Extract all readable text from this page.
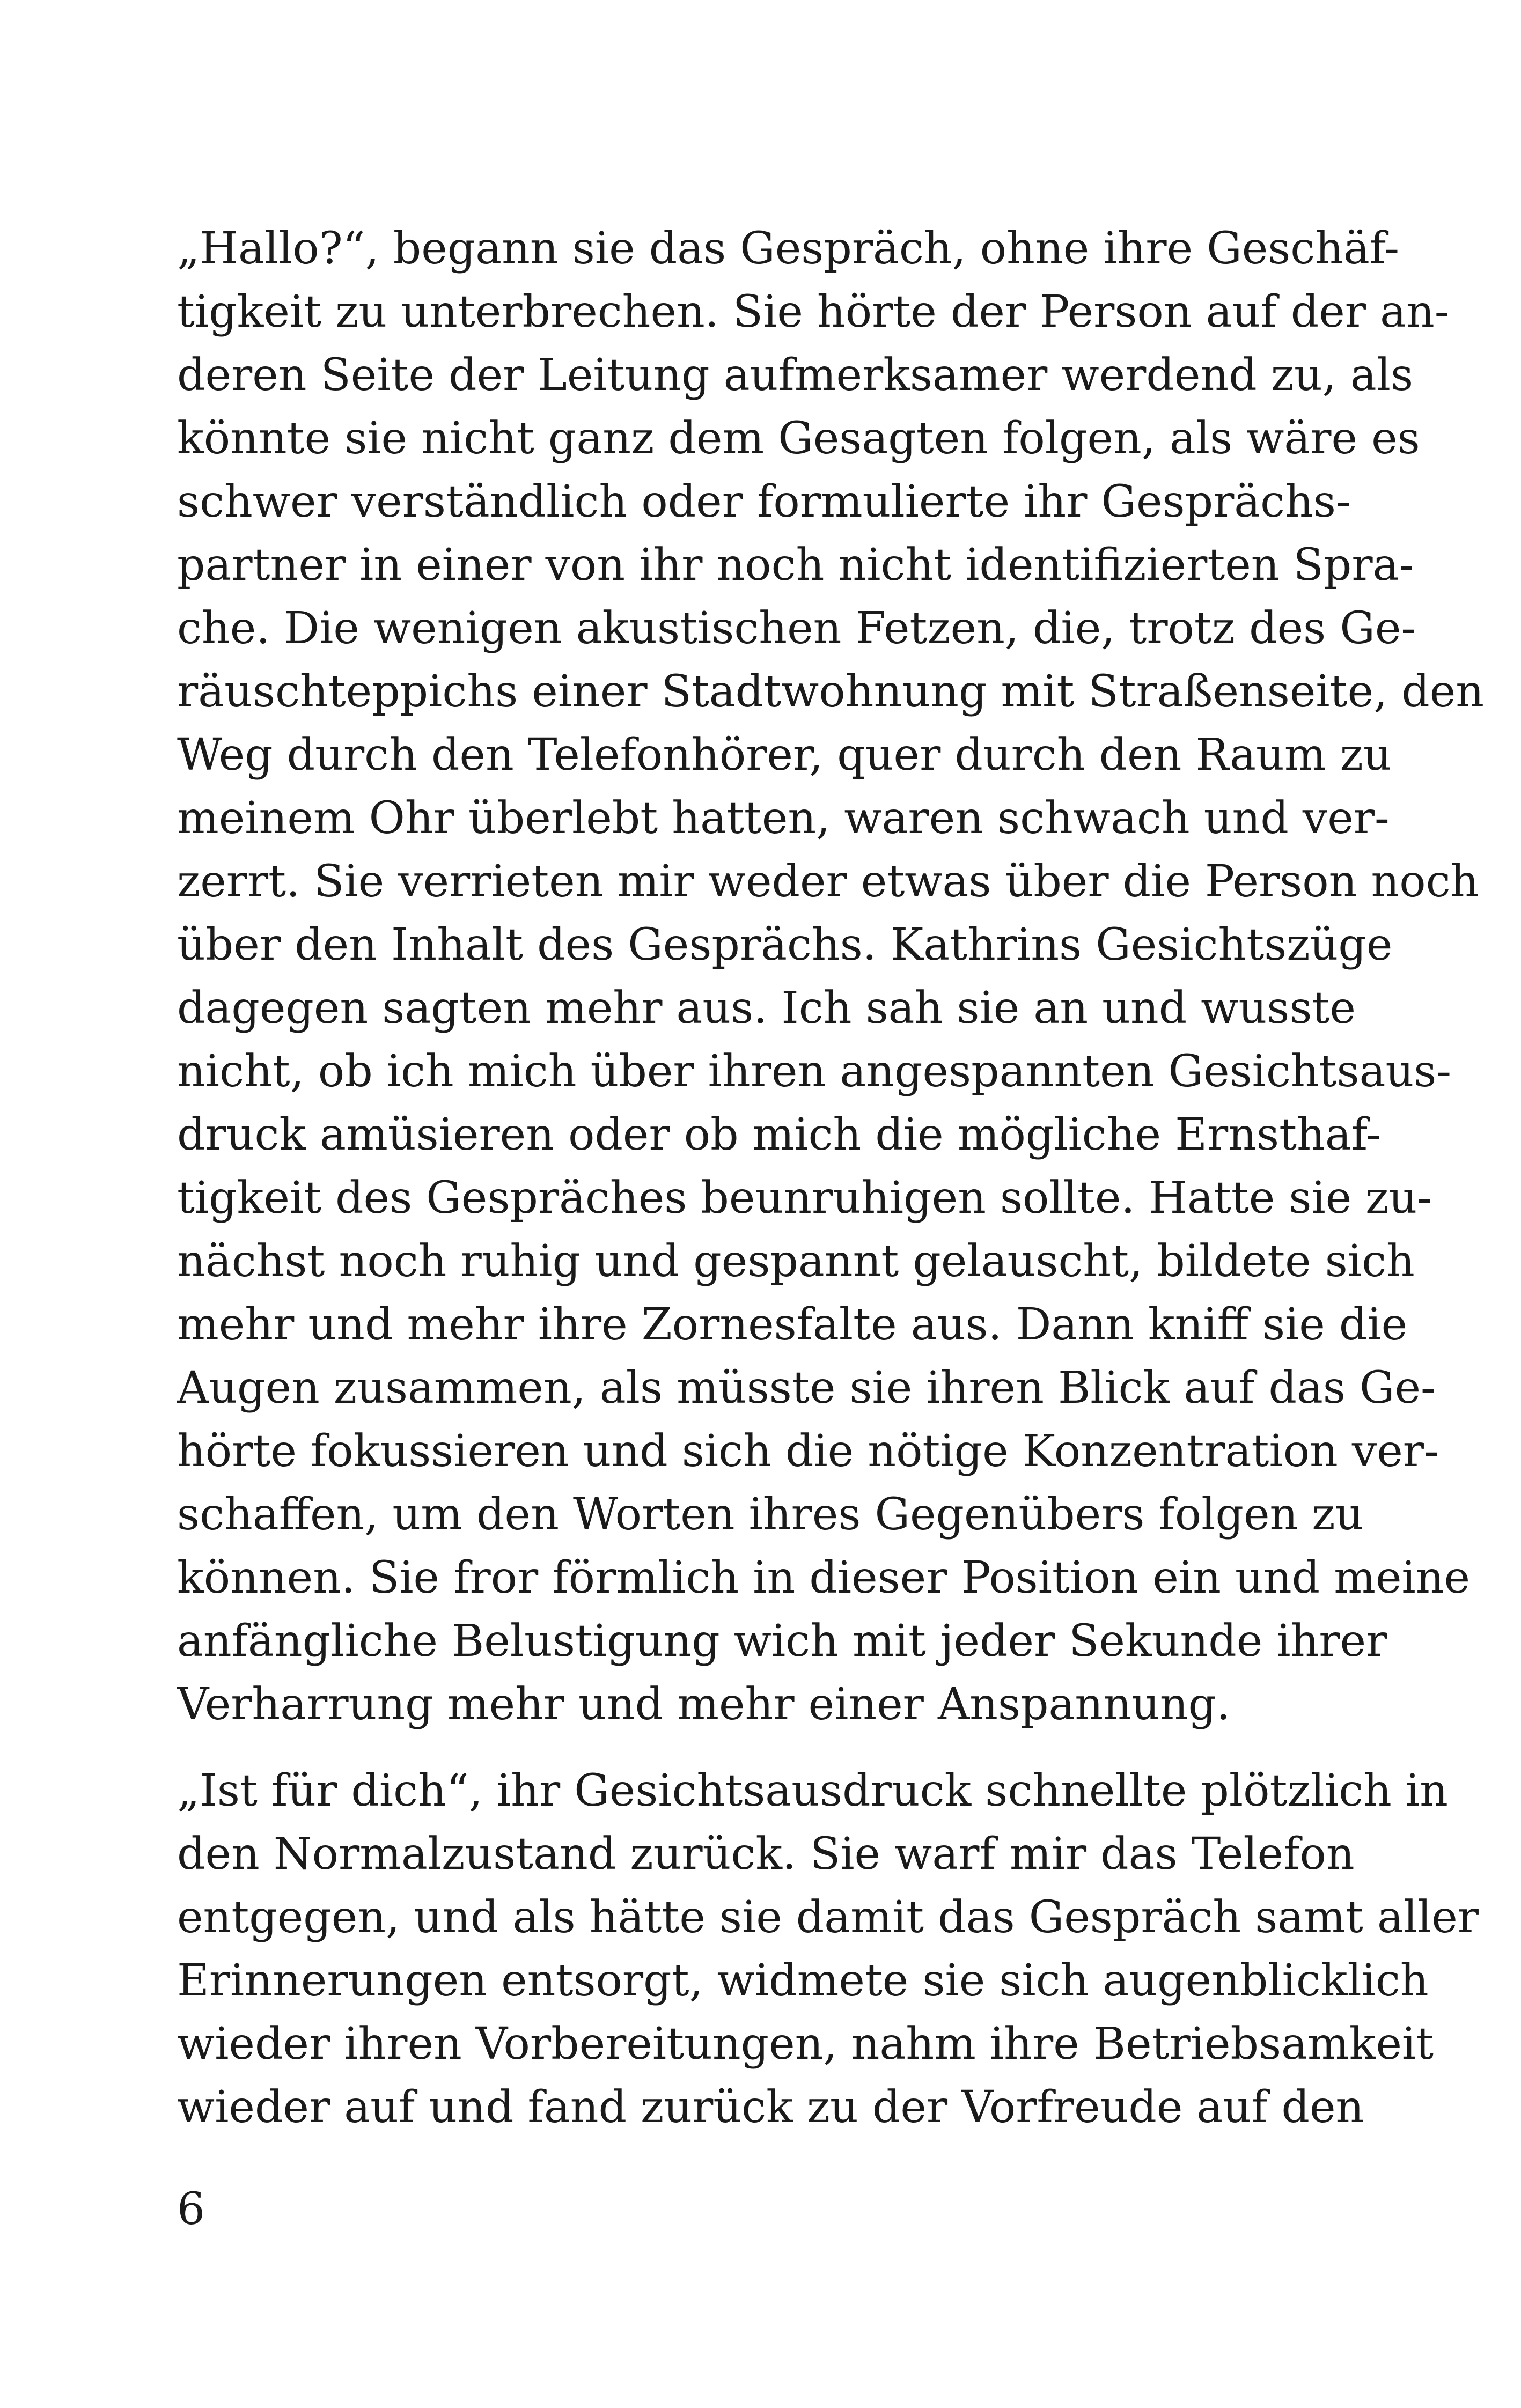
„Hallo?“, begann sie das Gespräch, ohne ihre Geschäf-
tigkeit zu unterbrechen. Sie hörte der Person auf der an-
deren Seite der Leitung aufmerksamer werdend zu, als
könnte sie nicht ganz dem Gesagten folgen, als wäre es
schwer verständlich oder formulierte ihr Gesprächs-
partner in einer von ihr noch nicht identifizierten Spra-
che. Die wenigen akustischen Fetzen, die, trotz des Ge-
räuschteppichs einer Stadtwohnung mit Straßenseite, den
Weg durch den Telefonhörer, quer durch den Raum zu
meinem Ohr überlebt hatten, waren schwach und ver-
zerrt. Sie verrieten mir weder etwas über die Person noch
über den Inhalt des Gesprächs. Kathrins Gesichtszüge
dagegen sagten mehr aus. Ich sah sie an und wusste
nicht, ob ich mich über ihren angespannten Gesichtsaus-
druck amüsieren oder ob mich die mögliche Ernsthaf-
tigkeit des Gespräches beunruhigen sollte. Hatte sie zu-
nächst noch ruhig und gespannt gelauscht, bildete sich
mehr und mehr ihre Zornesfalte aus. Dann kniff sie die
Augen zusammen, als müsste sie ihren Blick auf das Ge-
hörte fokussieren und sich die nötige Konzentration ver-
schaffen, um den Worten ihres Gegenübers folgen zu
können. Sie fror förmlich in dieser Position ein und meine
anfängliche Belustigung wich mit jeder Sekunde ihrer
Verharrung mehr und mehr einer Anspannung.
„Ist für dich“, ihr Gesichtsausdruck schnellte plötzlich in
den Normalzustand zurück. Sie warf mir das Telefon
entgegen, und als hätte sie damit das Gespräch samt aller
Erinnerungen entsorgt, widmete sie sich augenblicklich
wieder ihren Vorbereitungen, nahm ihre Betriebsamkeit
wieder auf und fand zurück zu der Vorfreude auf den
6
